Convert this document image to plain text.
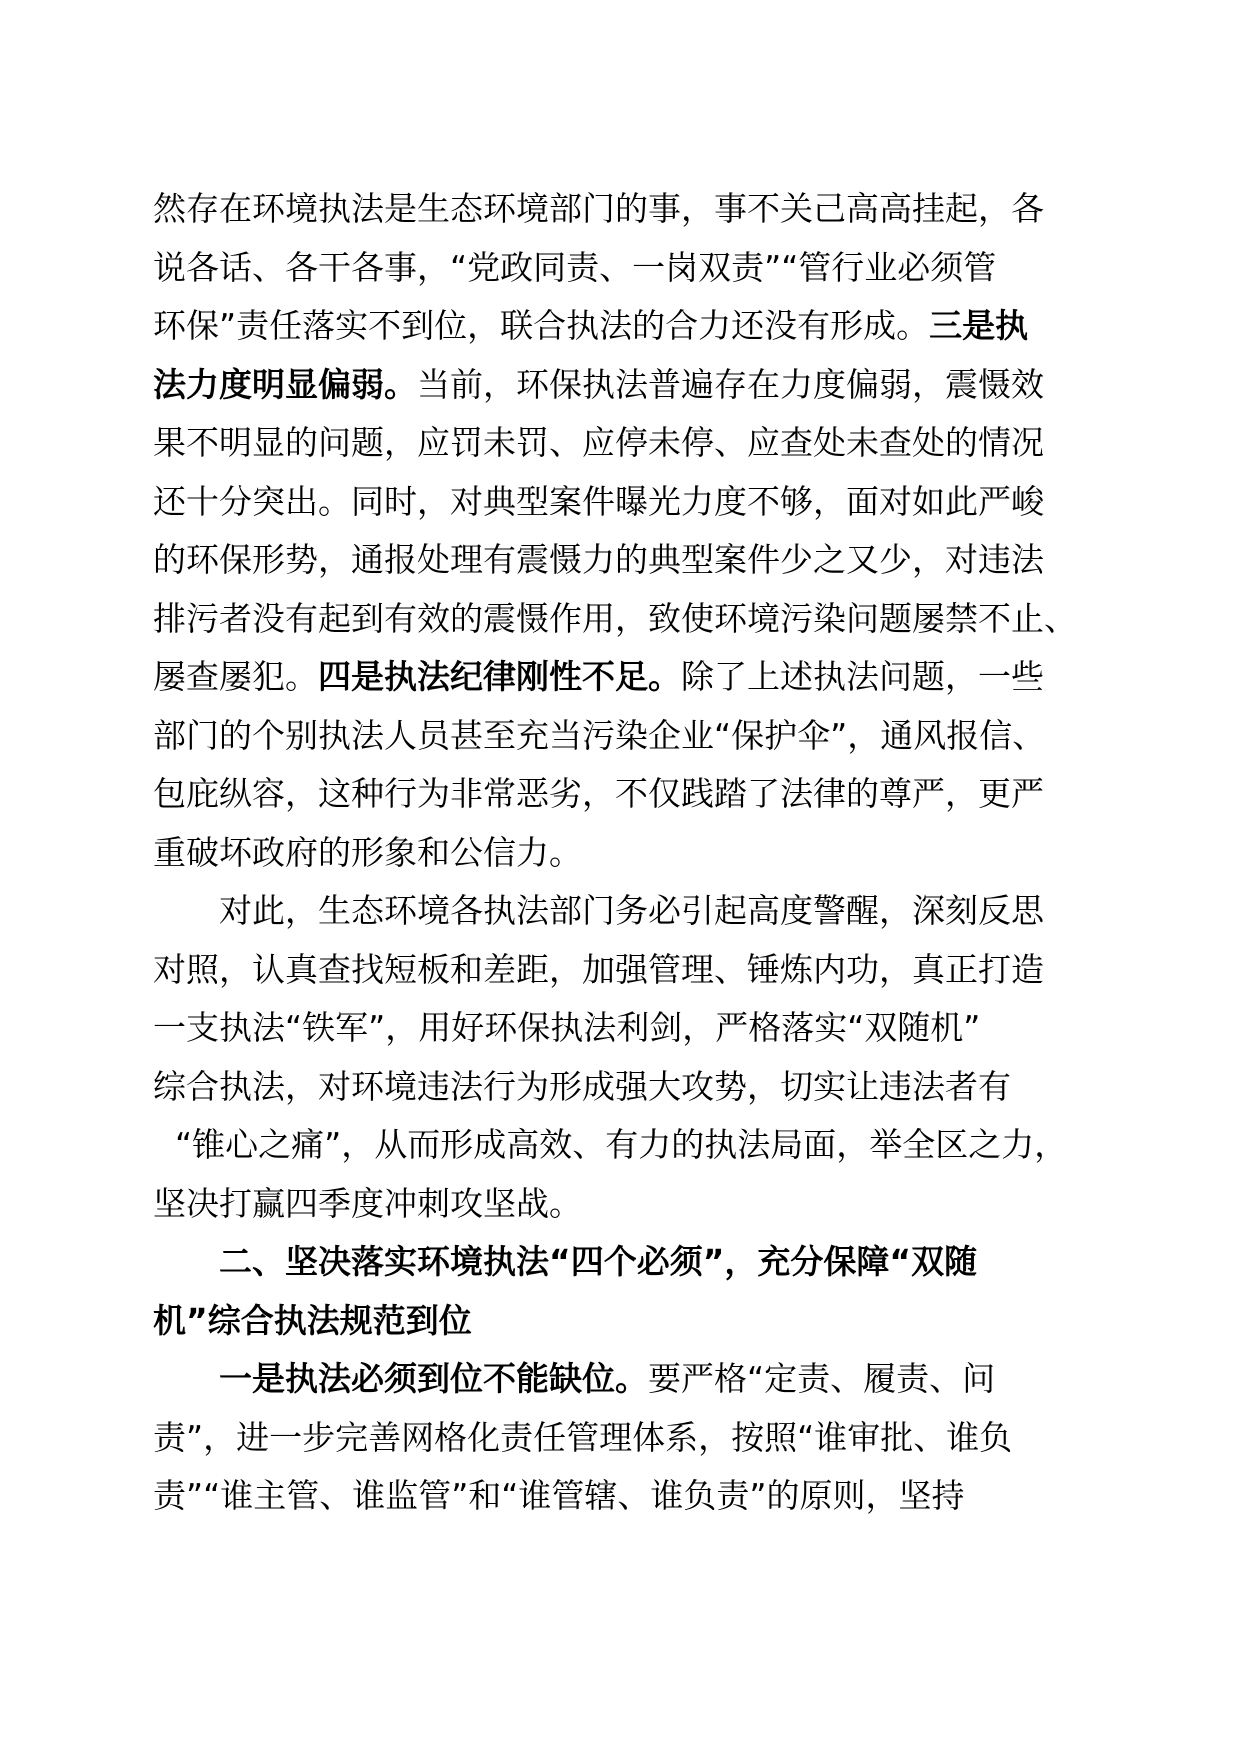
然存在环境执法是生态环境部门的事，事不关己高高挂起，各
说各话、各干各事，“党政同责、一岗双责”“管行业必须管
环保”责任落实不到位，联合执法的合力还没有形成。三是执
法力度明显偏弱。当前，环保执法普遍存在力度偏弱，震慑效
果不明显的问题，应罚未罚、应停未停、应查处未查处的情况
还十分突出。同时，对典型案件曝光力度不够，面对如此严峻
的环保形势，通报处理有震慑力的典型案件少之又少，对违法
排污者没有起到有效的震慑作用，致使环境污染问题屡禁不止、
屡查屡犯。四是执法纪律刚性不足。除了上述执法问题，一些
部门的个别执法人员甚至充当污染企业“保护伞”，通风报信、
包庇纵容，这种行为非常恶劣，不仅践踏了法律的尊严，更严
重破坏政府的形象和公信力。
对此，生态环境各执法部门务必引起高度警醒，深刻反思
对照，认真查找短板和差距，加强管理、锤炼内功，真正打造
一支执法“铁军”，用好环保执法利剑，严格落实“双随机”
综合执法，对环境违法行为形成强大攻势，切实让违法者有
“锥心之痛”，从而形成高效、有力的执法局面，举全区之力，
坚决打赢四季度冲刺攻坚战。
二、坚决落实环境执法“四个必须”，充分保障“双随
机”综合执法规范到位
一是执法必须到位不能缺位。要严格“定责、履责、问
责”，进一步完善网格化责任管理体系，按照“谁审批、谁负
责”“谁主管、谁监管”和“谁管辖、谁负责”的原则，坚持
